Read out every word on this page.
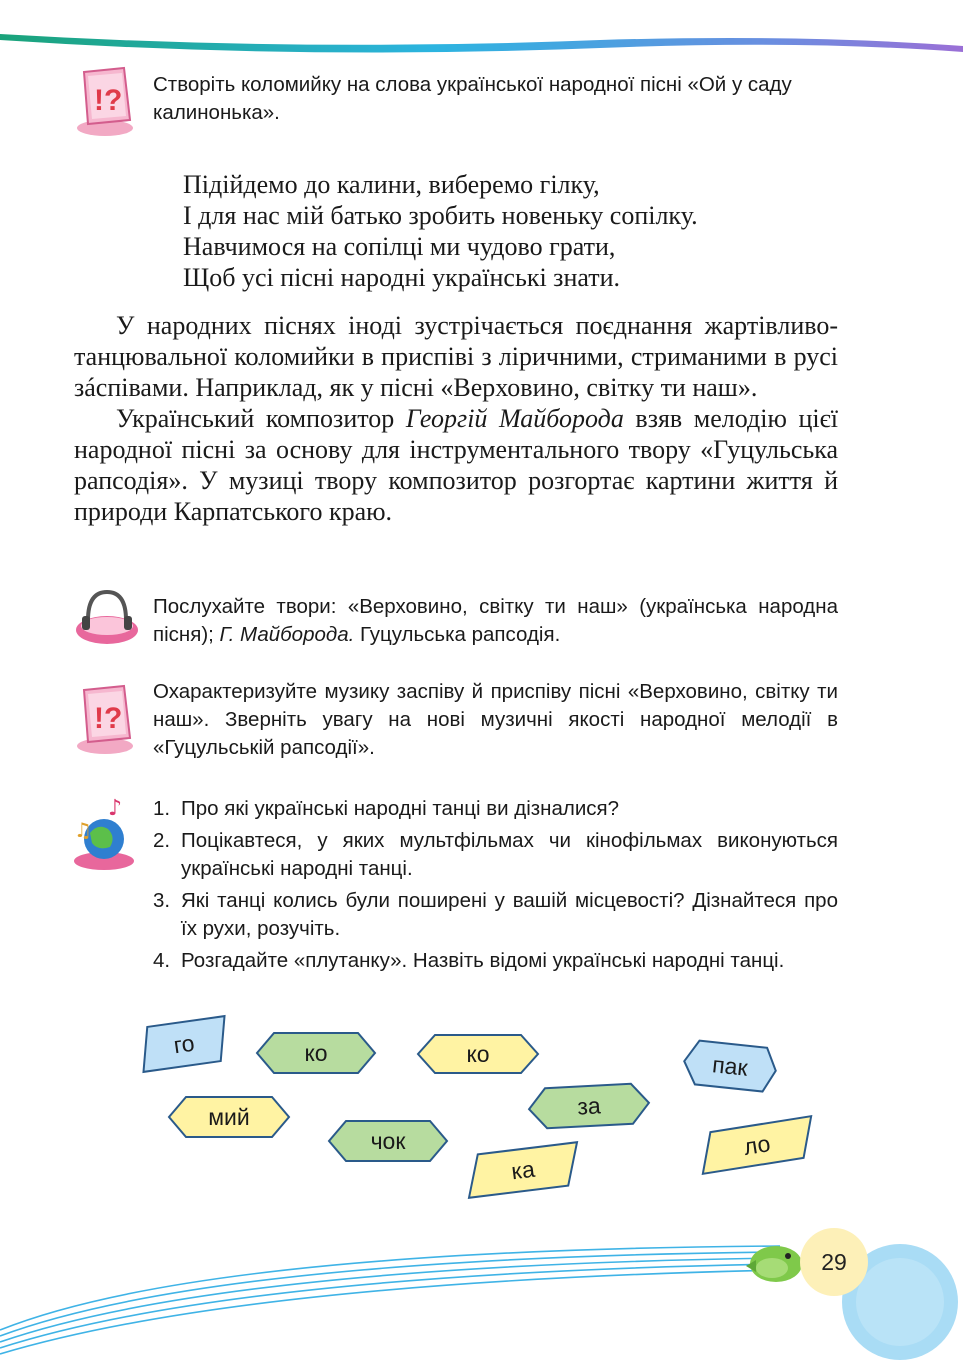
!? Створіть коломийку на слова української народної пісні «Ой у саду калинонька».
Підійдемо до калини, виберемо гілку,
І для нас мій батько зробить новеньку сопілку.
Навчимося на сопілці ми чудово грати,
Щоб усі пісні народні українські знати.

У народних піснях іноді зустрічається поєднання жартівливо-танцювальної коломийки в приспіві з ліричними, стриманими в русі зáспівами. Наприклад, як у пісні «Верховино, світку ти наш».

Український композитор Георгій Майборода взяв мелодію цієї народної пісні за основу для інструментального твору «Гуцульська рапсодія». У музиці твору композитор розгортає картини життя й природи Карпатського краю.

Послухайте твори: «Верховино, світку ти наш» (українська народна пісня); Г. Майборода. Гуцульська рапсодія.
!?
Охарактеризуйте музику заспіву й приспіву пісні «Верховино, світку ти наш». Зверніть увагу на нові музичні якості народної мелодії в «Гуцульській рапсодії».
♪
♫
1. Про які українські народні танці ви дізналися?
2. Поцікавтеся, у яких мультфільмах чи кінофільмах виконуються українські народні танці.
3. Які танці колись були поширені у вашій місцевості? Дізнайтеся про їх рухи, розучіть.
4. Розгадайте «плутанку». Назвіть відомі українські народні танці.
го	ко	ко	пак
мий	за
чок	ло
ка
29
